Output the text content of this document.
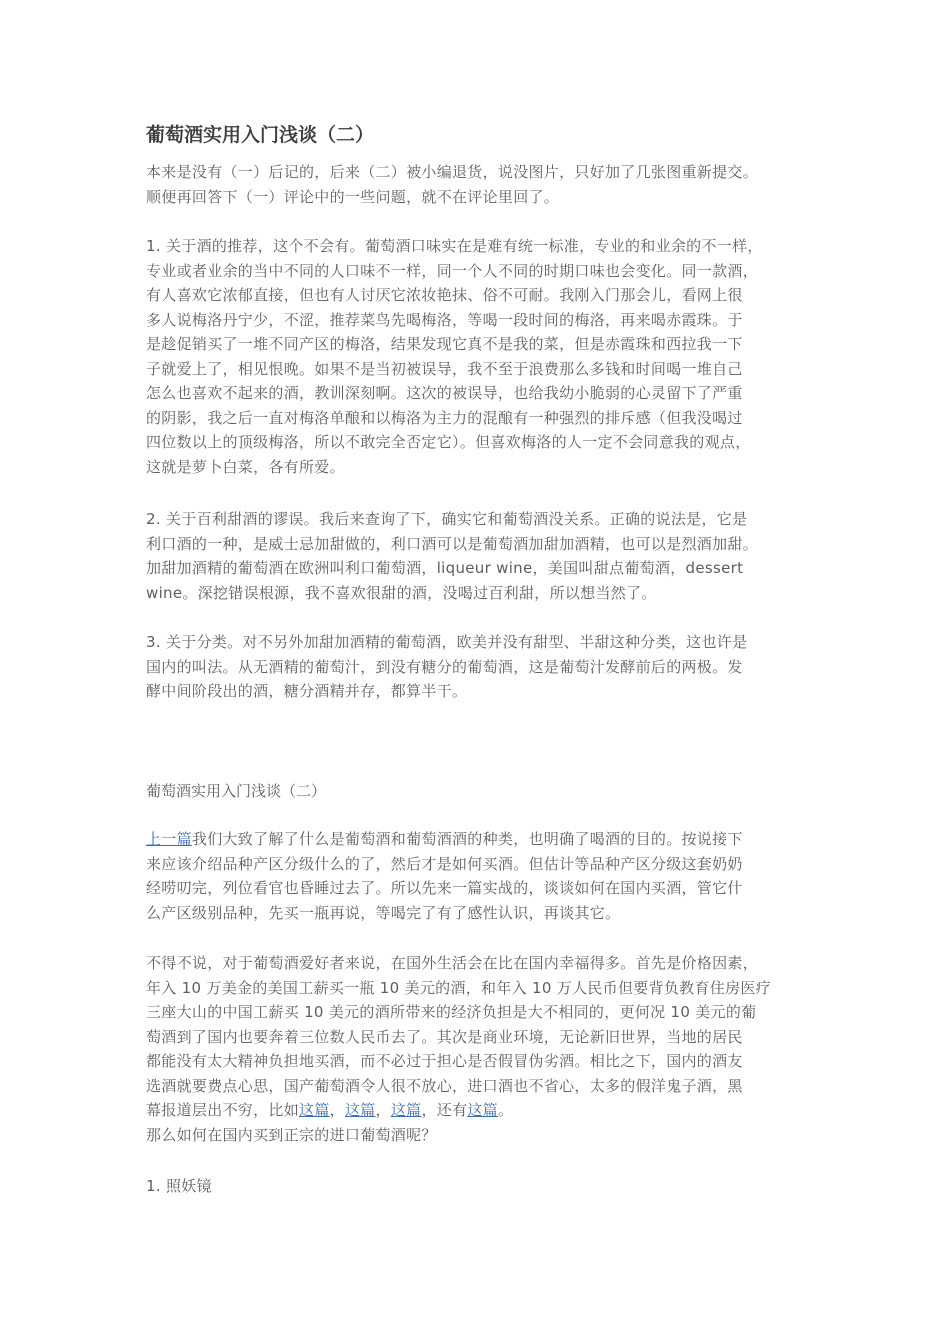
葡萄酒实用入门浅谈（二）

本来是没有（一）后记的，后来（二）被小编退货，说没图片，只好加了几张图重新提交。
顺便再回答下（一）评论中的一些问题，就不在评论里回了。

1. 关于酒的推荐，这个不会有。葡萄酒口味实在是难有统一标准，专业的和业余的不一样，
专业或者业余的当中不同的人口味不一样，同一个人不同的时期口味也会变化。同一款酒，
有人喜欢它浓郁直接，但也有人讨厌它浓妆艳抹、俗不可耐。我刚入门那会儿，看网上很
多人说梅洛丹宁少，不涩，推荐菜鸟先喝梅洛，等喝一段时间的梅洛，再来喝赤霞珠。于
是趁促销买了一堆不同产区的梅洛，结果发现它真不是我的菜，但是赤霞珠和西拉我一下
子就爱上了，相见恨晚。如果不是当初被误导，我不至于浪费那么多钱和时间喝一堆自己
怎么也喜欢不起来的酒，教训深刻啊。这次的被误导，也给我幼小脆弱的心灵留下了严重
的阴影，我之后一直对梅洛单酿和以梅洛为主力的混酿有一种强烈的排斥感（但我没喝过
四位数以上的顶级梅洛，所以不敢完全否定它）。但喜欢梅洛的人一定不会同意我的观点，
这就是萝卜白菜，各有所爱。

2. 关于百利甜酒的谬误。我后来查询了下，确实它和葡萄酒没关系。正确的说法是，它是
利口酒的一种，是威士忌加甜做的，利口酒可以是葡萄酒加甜加酒精，也可以是烈酒加甜。
加甜加酒精的葡萄酒在欧洲叫利口葡萄酒，liqueur wine，美国叫甜点葡萄酒，dessert
wine。深挖错误根源，我不喜欢很甜的酒，没喝过百利甜，所以想当然了。

3. 关于分类。对不另外加甜加酒精的葡萄酒，欧美并没有甜型、半甜这种分类，这也许是
国内的叫法。从无酒精的葡萄汁，到没有糖分的葡萄酒，这是葡萄汁发酵前后的两极。发
酵中间阶段出的酒，糖分酒精并存，都算半干。

葡萄酒实用入门浅谈（二）

上一篇我们大致了解了什么是葡萄酒和葡萄酒酒的种类，也明确了喝酒的目的。按说接下
来应该介绍品种产区分级什么的了，然后才是如何买酒。但估计等品种产区分级这套奶奶
经唠叨完，列位看官也昏睡过去了。所以先来一篇实战的，谈谈如何在国内买酒，管它什
么产区级别品种，先买一瓶再说，等喝完了有了感性认识，再谈其它。

不得不说，对于葡萄酒爱好者来说，在国外生活会在比在国内幸福得多。首先是价格因素，
年入 10 万美金的美国工薪买一瓶 10 美元的酒，和年入 10 万人民币但要背负教育住房医疗
三座大山的中国工薪买 10 美元的酒所带来的经济负担是大不相同的，更何况 10 美元的葡
萄酒到了国内也要奔着三位数人民币去了。其次是商业环境，无论新旧世界，当地的居民
都能没有太大精神负担地买酒，而不必过于担心是否假冒伪劣酒。相比之下，国内的酒友
选酒就要费点心思，国产葡萄酒令人很不放心，进口酒也不省心，太多的假洋鬼子酒，黑
幕报道层出不穷，比如这篇，这篇，这篇，还有这篇。
那么如何在国内买到正宗的进口葡萄酒呢？

1. 照妖镜
